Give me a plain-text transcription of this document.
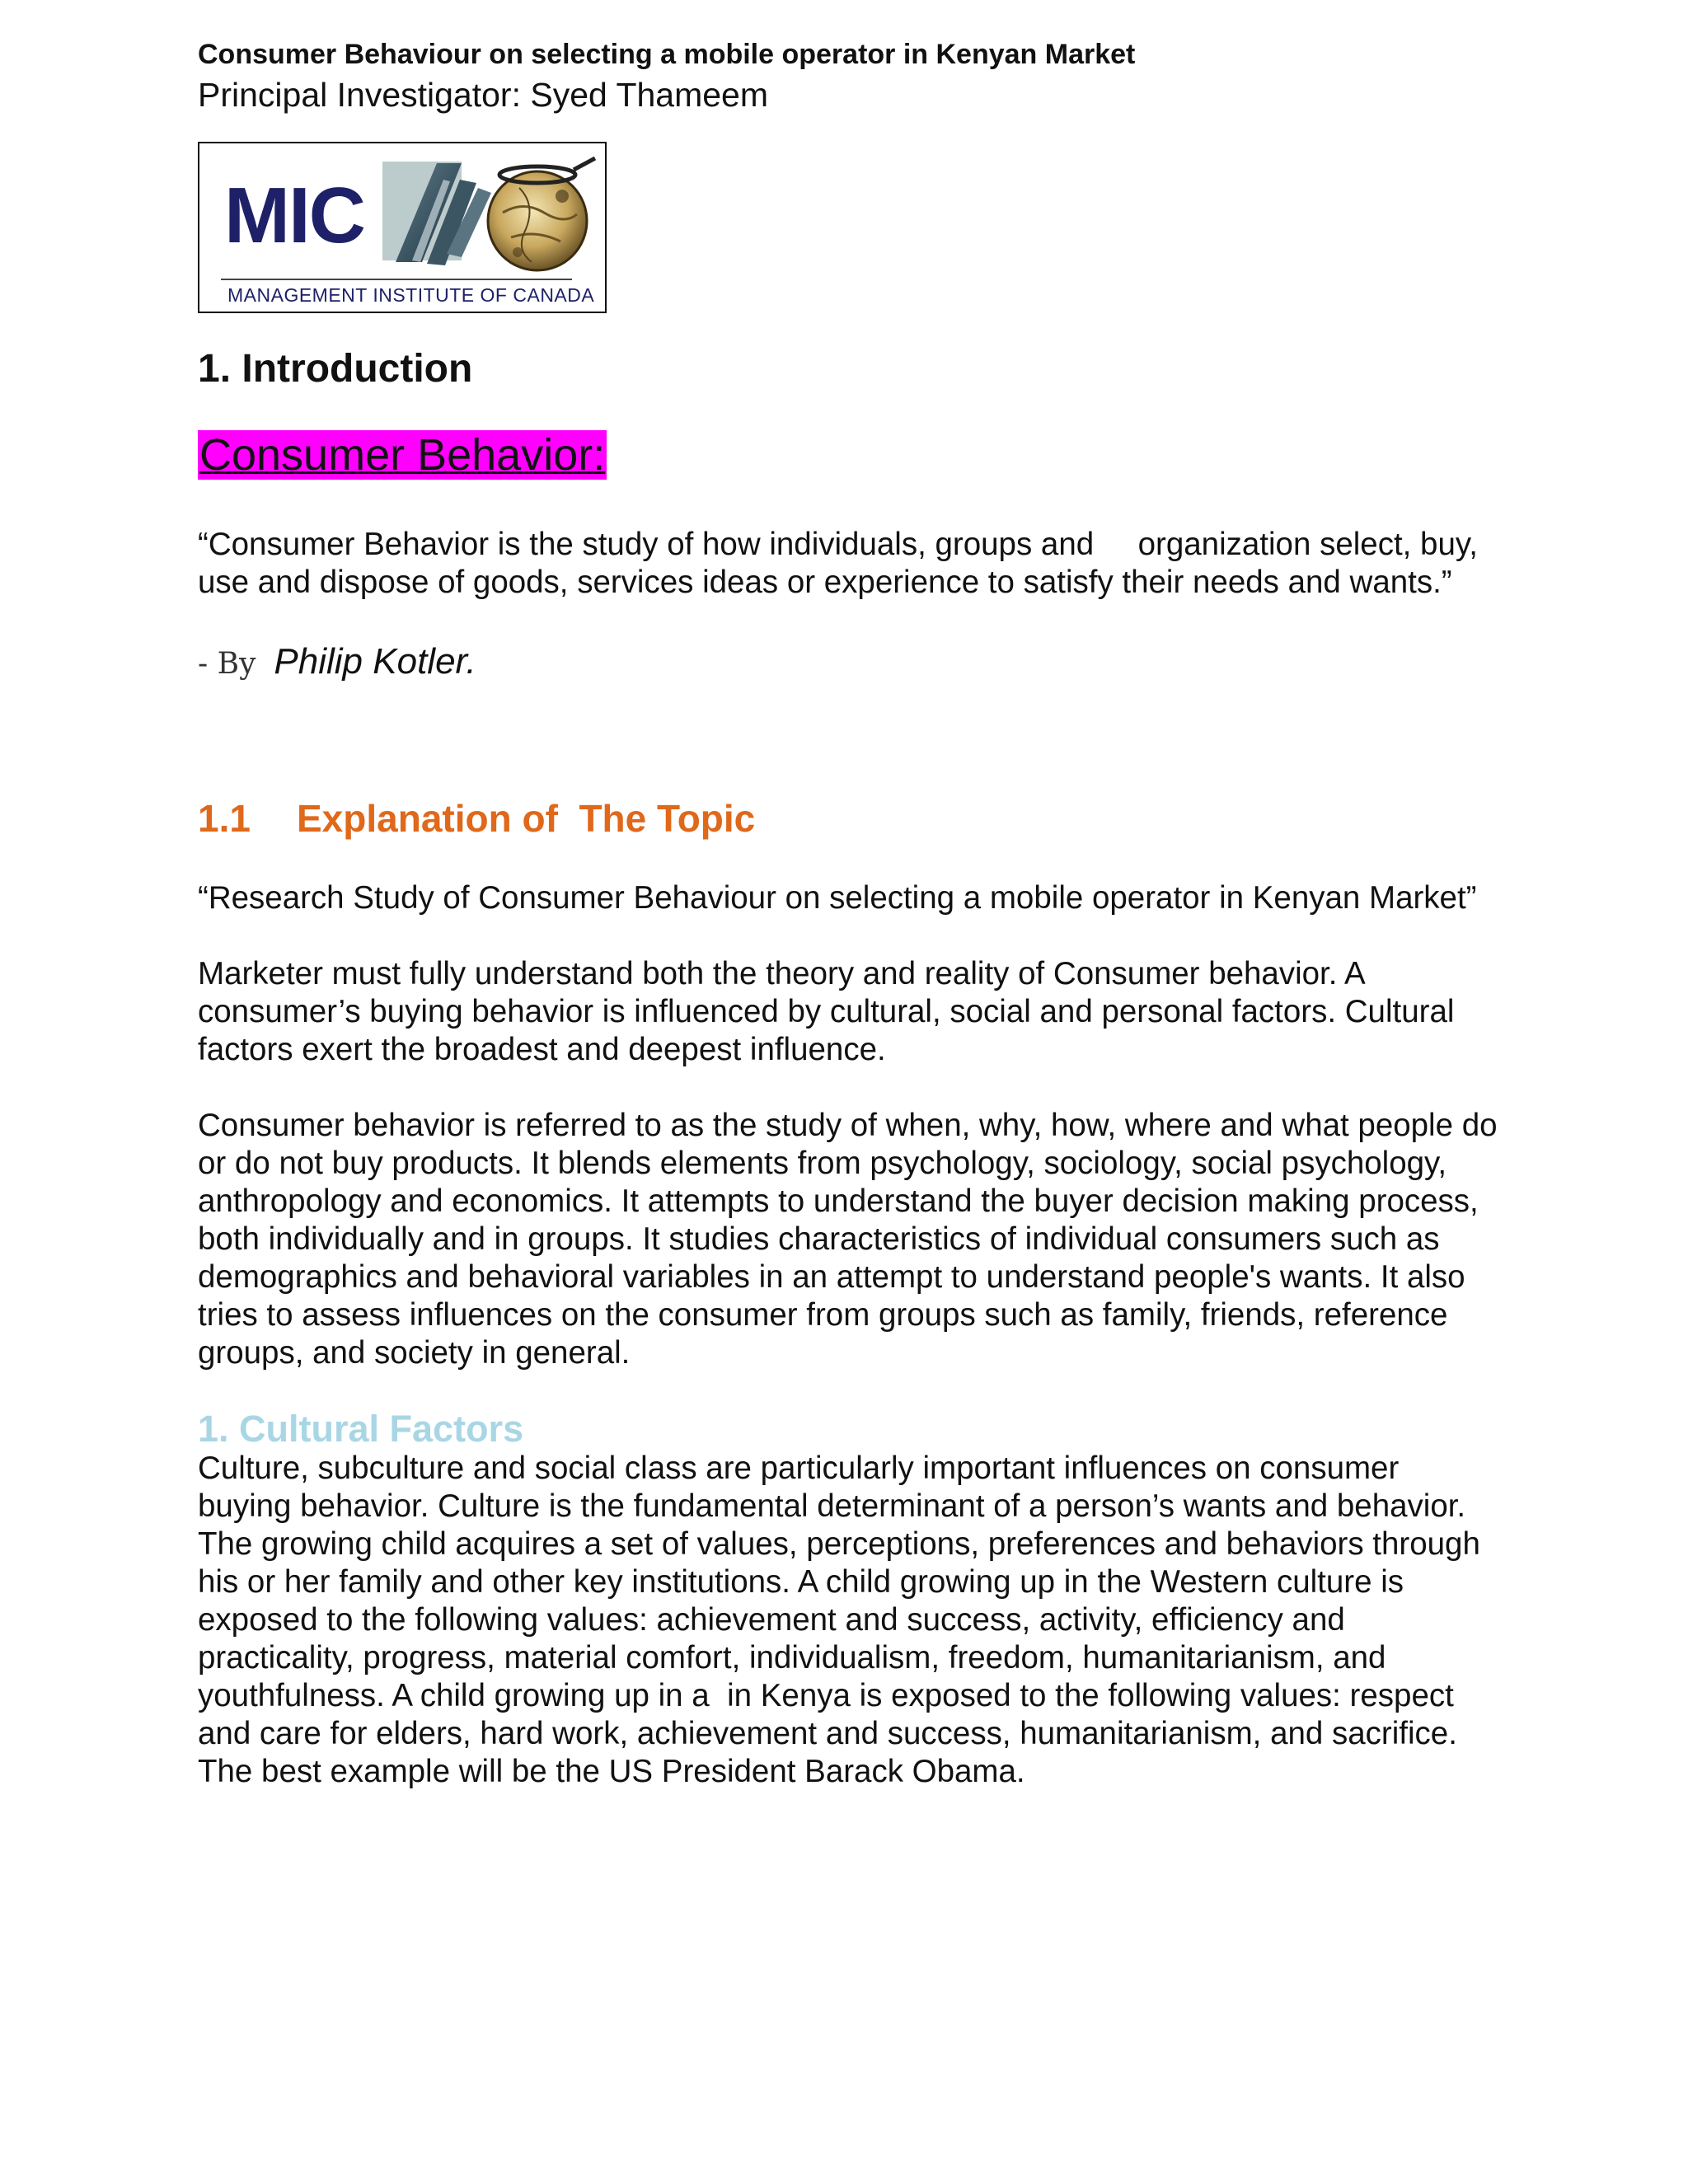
Consumer Behaviour on selecting a mobile operator in Kenyan Market
Principal Investigator: Syed Thameem
MIC
MANAGEMENT INSTITUTE OF CANADA
1. Introduction
Consumer Behavior:

“Consumer Behavior is the study of how individuals, groups and     organization select, buy, use and dispose of goods, services ideas or experience to satisfy their needs and wants.”

- By Philip Kotler.
1.1 Explanation of  The Topic

“Research Study of Consumer Behaviour on selecting a mobile operator in Kenyan Market”

Marketer must fully understand both the theory and reality of Consumer behavior. A consumer’s buying behavior is influenced by cultural, social and personal factors. Cultural factors exert the broadest and deepest influence.

Consumer behavior is referred to as the study of when, why, how, where and what people do or do not buy products. It blends elements from psychology, sociology, social psychology, anthropology and economics. It attempts to understand the buyer decision making process, both individually and in groups. It studies characteristics of individual consumers such as demographics and behavioral variables in an attempt to understand people's wants. It also tries to assess influences on the consumer from groups such as family, friends, reference groups, and society in general.

1. Cultural Factors

Culture, subculture and social class are particularly important influences on consumer buying behavior. Culture is the fundamental determinant of a person’s wants and behavior. The growing child acquires a set of values, perceptions, preferences and behaviors through his or her family and other key institutions. A child growing up in the Western culture is exposed to the following values: achievement and success, activity, efficiency and practicality, progress, material comfort, individualism, freedom, humanitarianism, and youthfulness. A child growing up in a  in Kenya is exposed to the following values: respect and care for elders, hard work, achievement and success, humanitarianism, and sacrifice. The best example will be the US President Barack Obama.
